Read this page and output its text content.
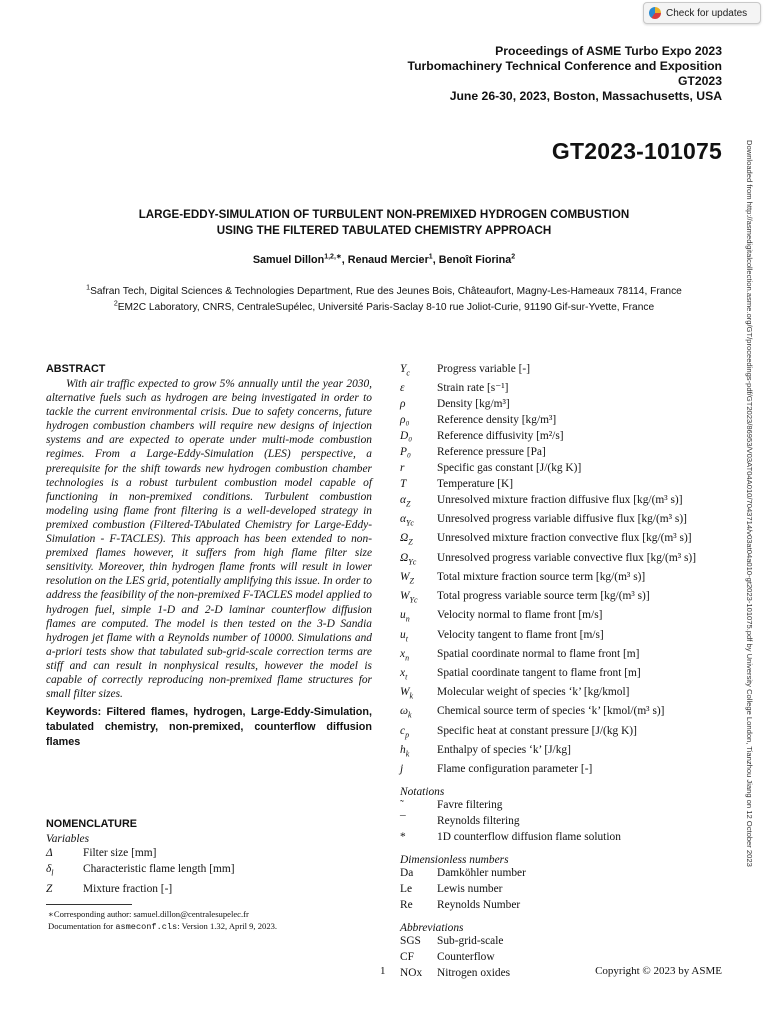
Check for updates
Proceedings of ASME Turbo Expo 2023
Turbomachinery Technical Conference and Exposition
GT2023
June 26-30, 2023, Boston, Massachusetts, USA
GT2023-101075	Downloaded from http://asmedigitalcollection.asme.org/GT/proceedings-pdf/GT2023/86953/V03AT04A010/7043714/v03at04a010-gt2023-101075.pdf by University College London, Tianzhou Jiang on 12 October 2023
LARGE-EDDY-SIMULATION OF TURBULENT NON-PREMIXED HYDROGEN COMBUSTION
USING THE FILTERED TABULATED CHEMISTRY APPROACH
Samuel Dillon$^{1,2,∗}$, Renaud Mercier$^1$, Benoît Fiorina$^2$
$^1$Safran Tech, Digital Sciences & Technologies Department, Rue des Jeunes Bois, Châteaufort, Magny-Les-Hameaux 78114, France
$^2$EM2C Laboratory, CNRS, CentraleSupélec, Université Paris-Saclay 8-10 rue Joliot-Curie, 91190 Gif-sur-Yvette, France
ABSTRACT
With air traffic expected to grow 5% annually until the year 2030, alternative fuels such as hydrogen are being investigated in order to tackle the current environmental crisis. Due to safety concerns, future hydrogen combustion chambers will require new designs of injection systems and are expected to operate under multi-mode combustion regimes. From a Large-Eddy-Simulation (LES) perspective, a prerequisite for the shift towards new hydrogen combustion chamber technologies is a robust turbulent combustion model capable of functioning in non-premixed conditions. Turbulent combustion modeling using flame front filtering is a well-developed strategy in premixed combustion (Filtered-TAbulated Chemistry for Large-Eddy-Simulation - F-TACLES). This approach has been extended to non-premixed flames however, it suffers from high flame filter size sensitivity. Moreover, thin hydrogen flame fronts will result in lower resolution on the LES grid, potentially amplifying this issue. In order to address the feasibility of the non-premixed F-TACLES model applied to hydrogen fuel, simple 1-D and 2-D laminar counterflow diffusion flames are computed. The model is then tested on the 3-D Sandia hydrogen jet flame with a Reynolds number of 10000. Simulations and a-priori tests show that tabulated sub-grid-scale correction terms are stiff and can result in nonphysical results, however the model is capable of correctly reproducing non-premixed flame structures for small filter sizes.
Keywords: Filtered flames, hydrogen, Large-Eddy-Simulation, tabulated chemistry, non-premixed, counterflow diffusion flames
NOMENCLATURE
Variables
Δ	Filter size [mm]
$\delta_l$	Characteristic flame length [mm]
Z	Mixture fraction [-]
$Y_c$	Progress variable [-]
ε	Strain rate [s⁻¹]
ρ	Density [kg/m³]
ρ₀	Reference density [kg/m³]
D₀	Reference diffusivity [m²/s]
P₀	Reference pressure [Pa]
r	Specific gas constant [J/(kg K)]
T	Temperature [K]
$\alpha_Z$	Unresolved mixture fraction diffusive flux [kg/(m³ s)]
$\alpha_{Yc}$	Unresolved progress variable diffusive flux [kg/(m³ s)]
$\Omega_Z$	Unresolved mixture fraction convective flux [kg/(m³ s)]
$\Omega_{Yc}$	Unresolved progress variable convective flux [kg/(m³ s)]
$W_Z$	Total mixture fraction source term [kg/(m³ s)]
$W_{Yc}$	Total progress variable source term [kg/(m³ s)]
$u_n$	Velocity normal to flame front [m/s]
$u_t$	Velocity tangent to flame front [m/s]
$x_n$	Spatial coordinate normal to flame front [m]
$x_t$	Spatial coordinate tangent to flame front [m]
$W_k$	Molecular weight of species ‘k’ [kg/kmol]
$\omega_k$	Chemical source term of species ‘k’ [kmol/(m³ s)]
$c_p$	Specific heat at constant pressure [J/(kg K)]
$h_k$	Enthalpy of species ‘k’ [J/kg]
j	Flame configuration parameter [-]
Notations
˜	Favre filtering
¯	Reynolds filtering
*	1D counterflow diffusion flame solution
Dimensionless numbers
Da	Damköhler number
Le	Lewis number
Re	Reynolds Number
Abbreviations
SGS	Sub-grid-scale
CF	Counterflow
NOx	Nitrogen oxides
∗Corresponding author: samuel.dillon@centralesupelec.fr
Documentation for asmeconf.cls: Version 1.32, April 9, 2023.
1	Copyright © 2023 by ASME
